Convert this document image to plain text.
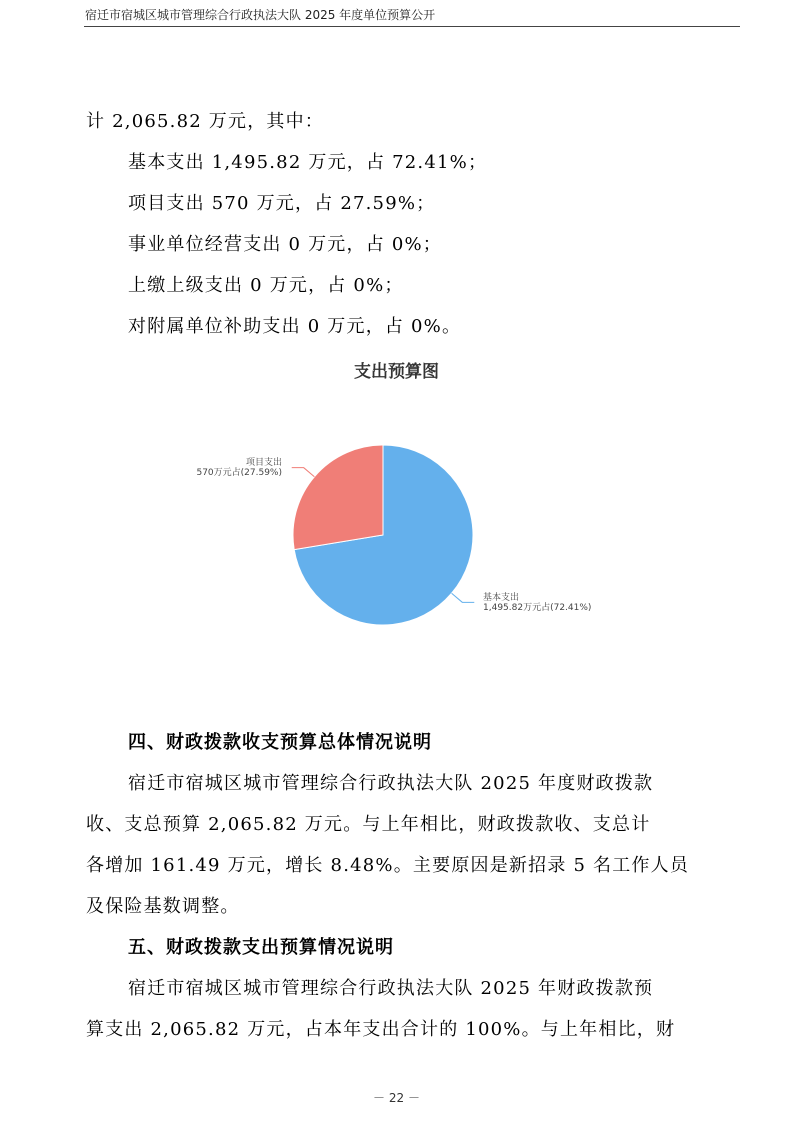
宿迁市宿城区城市管理综合行政执法大队 2025 年度单位预算公开
计 2,065.82 万元，其中：
基本支出 1,495.82 万元，占 72.41%；
项目支出 570 万元，占 27.59%；
事业单位经营支出 0 万元，占 0%；
上缴上级支出 0 万元，占 0%；
对附属单位补助支出 0 万元，占 0%。
支出预算图
基本支出
1,495.82万元占(72.41%)
项目支出
570万元占(27.59%)
四、财政拨款收支预算总体情况说明
宿迁市宿城区城市管理综合行政执法大队 2025 年度财政拨款
收、支总预算 2,065.82 万元。与上年相比，财政拨款收、支总计
各增加 161.49 万元，增长 8.48%。主要原因是新招录 5 名工作人员
及保险基数调整。
五、财政拨款支出预算情况说明
宿迁市宿城区城市管理综合行政执法大队 2025 年财政拨款预
算支出 2,065.82 万元，占本年支出合计的 100%。与上年相比，财
－ 22 －
